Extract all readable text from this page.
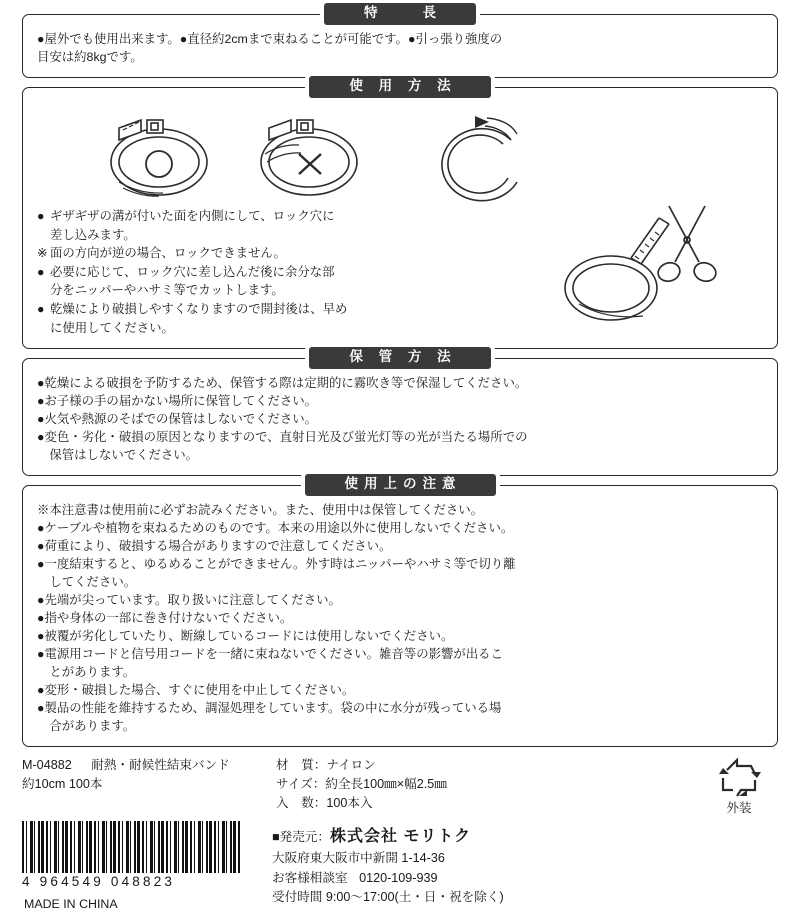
特　　長
●屋外でも使用出来ます。●直径約2cmまで束ねることが可能です。●引っ張り強度の
目安は約8kgです。
使 用 方 法
● ギザギザの溝が付いた面を内側にして、ロック穴に
差し込みます。
※ 面の方向が逆の場合、ロックできません。
● 必要に応じて、ロック穴に差し込んだ後に余分な部
分をニッパーやハサミ等でカットします。
● 乾燥により破損しやすくなりますので開封後は、早め
に使用してください。
保 管 方 法
●乾燥による破損を予防するため、保管する際は定期的に霧吹き等で保湿してください。
●お子様の手の届かない場所に保管してください。
●火気や熱源のそばでの保管はしないでください。
●変色・劣化・破損の原因となりますので、直射日光及び蛍光灯等の光が当たる場所での
　保管はしないでください。
使用上の注意
※本注意書は使用前に必ずお読みください。また、使用中は保管してください。
●ケーブルや植物を束ねるためのものです。本来の用途以外に使用しないでください。
●荷重により、破損する場合がありますので注意してください。
●一度結束すると、ゆるめることができません。外す時はニッパーやハサミ等で切り離
　してください。
●先端が尖っています。取り扱いに注意してください。
●指や身体の一部に巻き付けないでください。
●被覆が劣化していたり、断線しているコードには使用しないでください。
●電源用コードと信号用コードを一緒に束ねないでください。雑音等の影響が出るこ
　とがあります。
●変形・破損した場合、すぐに使用を中止してください。
●製品の性能を維持するため、調湿処理をしています。袋の中に水分が残っている場
　合があります。
M-04882 耐熱・耐候性結束バンド
約10cm 100本
材　質：ナイロン
サイズ：約全長100㎜×幅2.5㎜
入　数：100本入	外装
4 964549 048823
MADE IN CHINA
■発売元：株式会社 モリトク
大阪府東大阪市中新開 1-14-36
お客様相談室 0120-109-939
受付時間 9:00〜17:00(土・日・祝を除く)
